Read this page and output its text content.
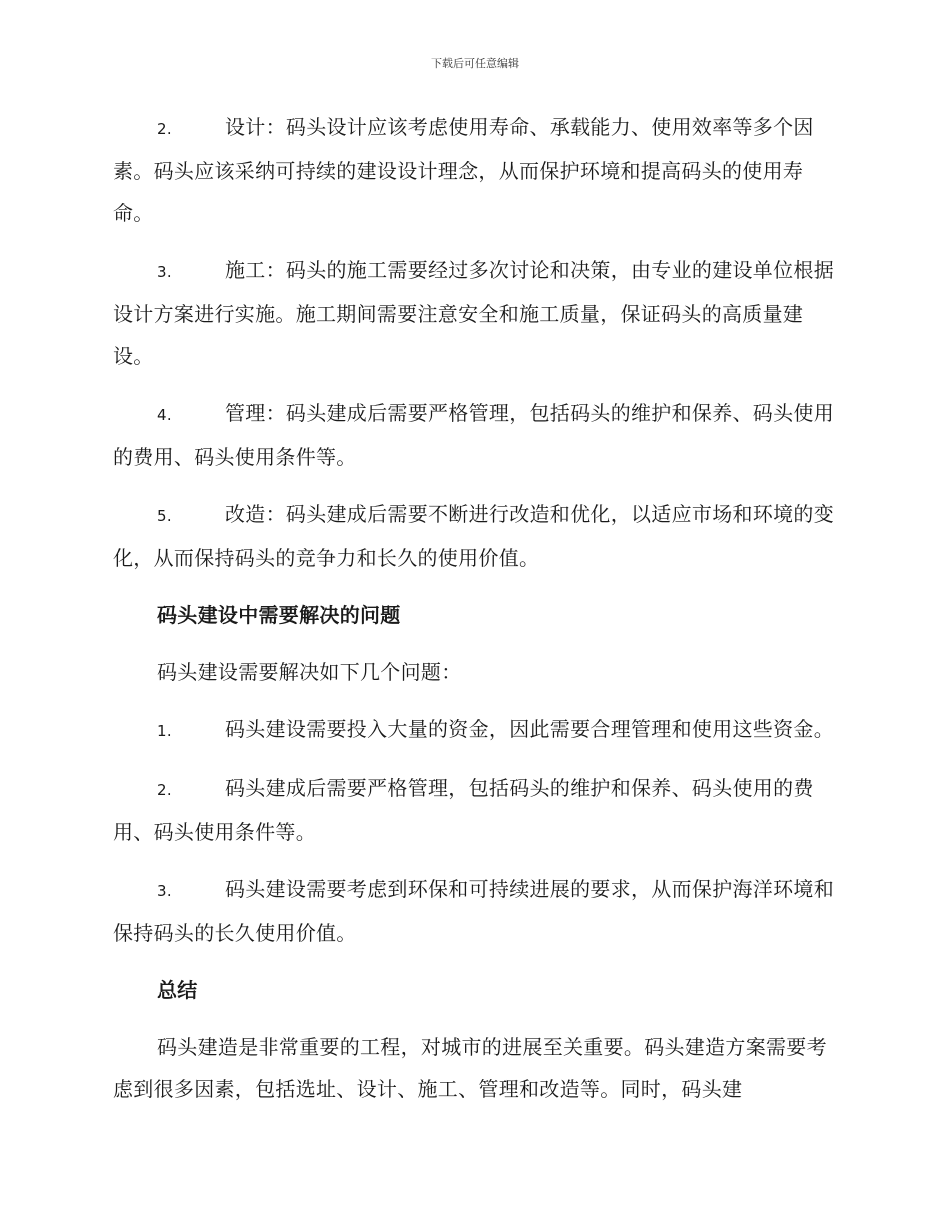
下载后可任意编辑

2.	设计：码头设计应该考虑使用寿命、承载能力、使用效率等多个因素。码头应该采纳可持续的建设设计理念，从而保护环境和提高码头的使用寿命。

3.	施工：码头的施工需要经过多次讨论和决策，由专业的建设单位根据设计方案进行实施。施工期间需要注意安全和施工质量，保证码头的高质量建设。

4.	管理：码头建成后需要严格管理，包括码头的维护和保养、码头使用的费用、码头使用条件等。

5.	改造：码头建成后需要不断进行改造和优化，以适应市场和环境的变化，从而保持码头的竞争力和长久的使用价值。

码头建设中需要解决的问题

码头建设需要解决如下几个问题：

1.	码头建设需要投入大量的资金，因此需要合理管理和使用这些资金。

2.	码头建成后需要严格管理，包括码头的维护和保养、码头使用的费用、码头使用条件等。

3.	码头建设需要考虑到环保和可持续进展的要求，从而保护海洋环境和保持码头的长久使用价值。

总结

码头建造是非常重要的工程，对城市的进展至关重要。码头建造方案需要考虑到很多因素，包括选址、设计、施工、管理和改造等。同时，码头建
